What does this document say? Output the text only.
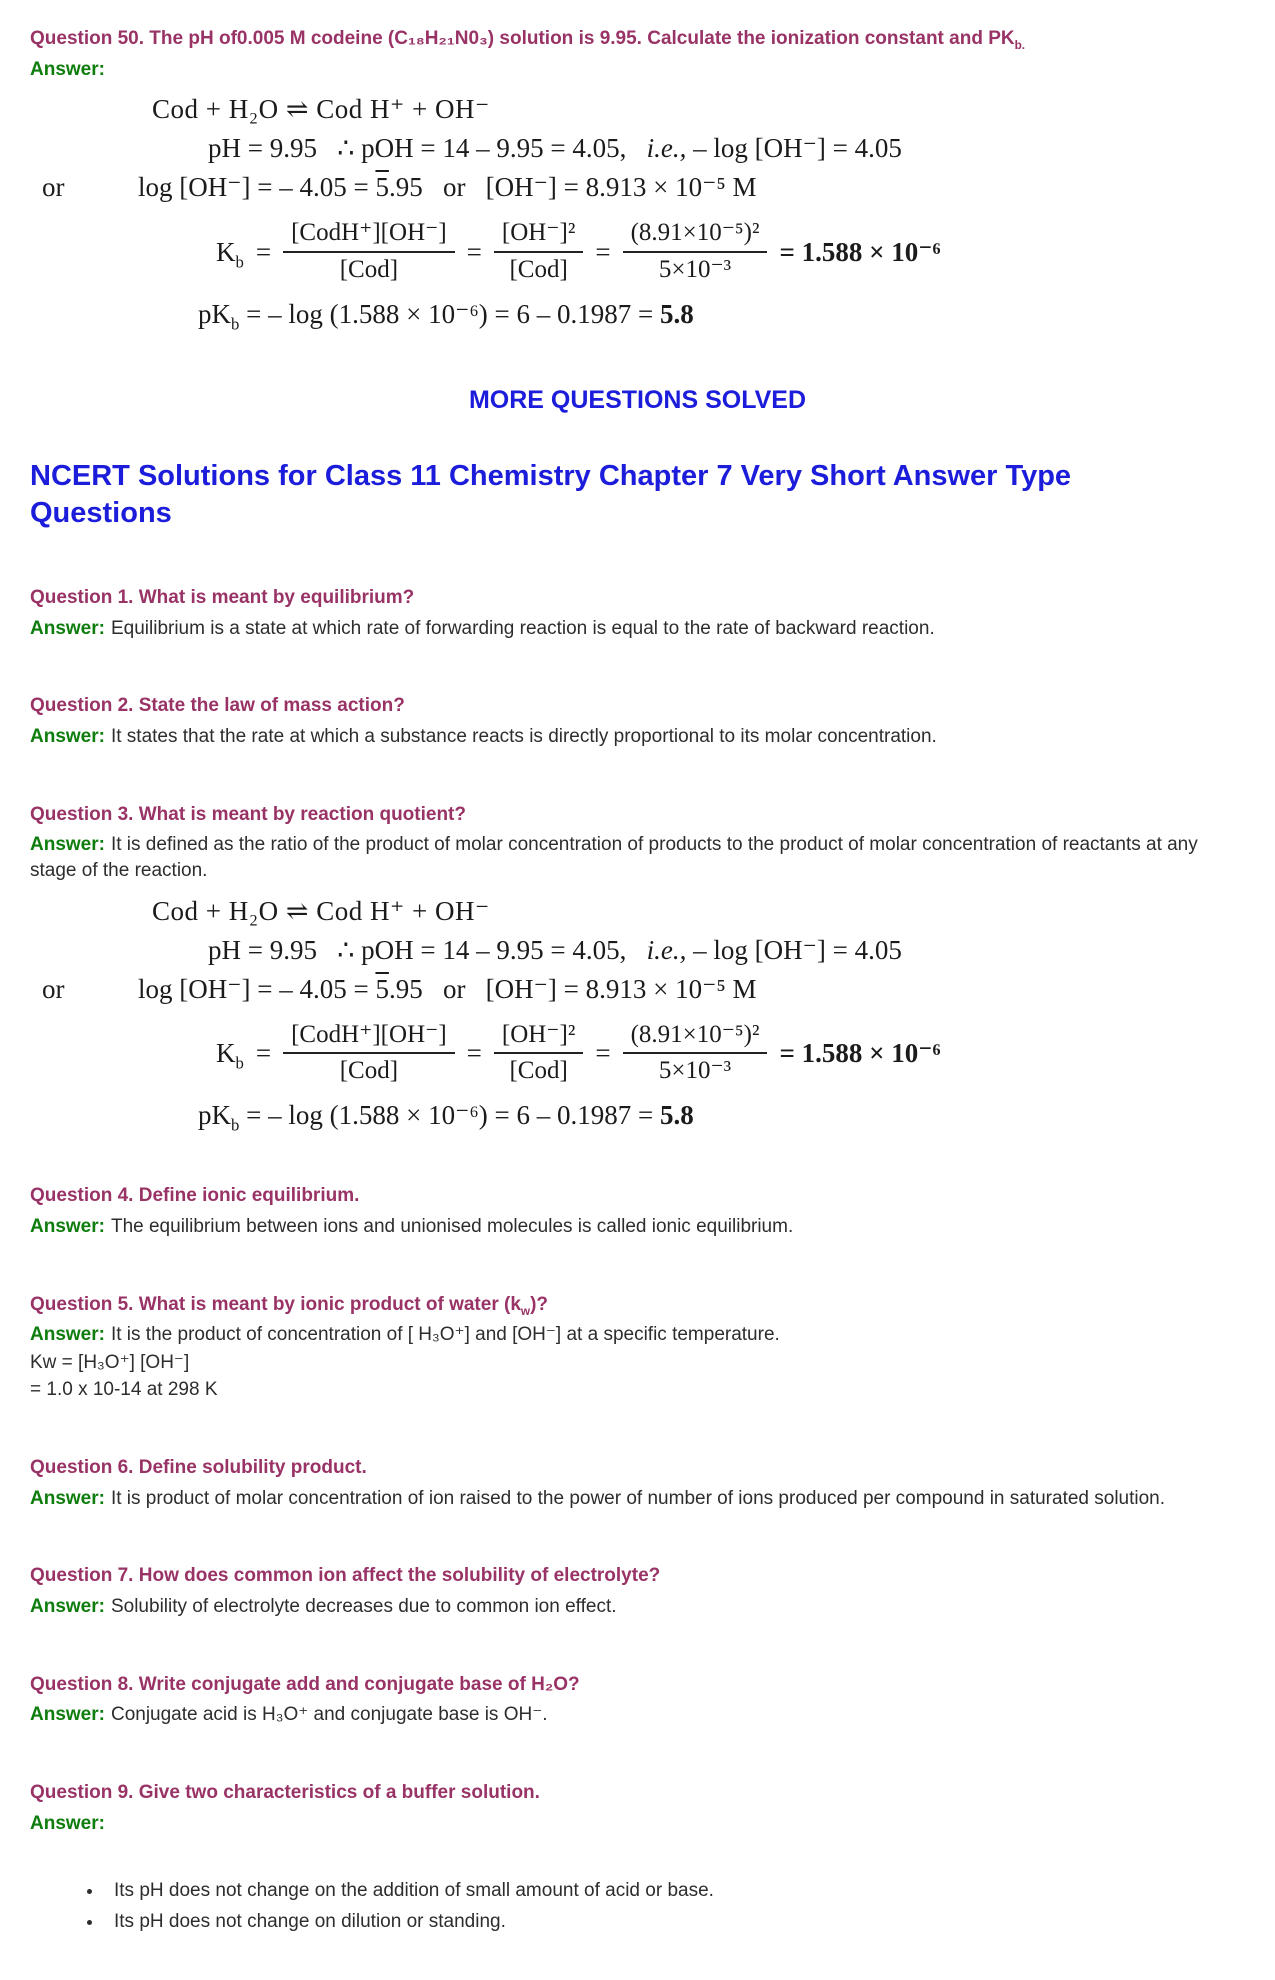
Question 50. The pH of0.005 M codeine (C₁₈H₂₁N0₃) solution is 9.95. Calculate the ionization constant and $PK_{b.}$

Answer:

Cod + H₂O ⇌ Cod H⁺ + OH⁻
pH = 9.95   ∴ pOH = 14 – 9.95 = 4.05,   i.e., – log [OH⁻] = 4.05
or	log [OH⁻] = – 4.05 = 5.95   or   [OH⁻] = 8.913 × 10⁻⁵ M
$K_b = \frac{\text{[CodH⁺][OH⁻]}}{\text{[Cod]}} = \frac{\text{[OH⁻]²}}{\text{[Cod]}} = \frac{\text{(8.91×10⁻⁵)²}}{\text{5×10⁻³}} = 1.588 \times 10^{-6}$
$pK_b$ = – log (1.588 × 10⁻⁶) = 6 – 0.1987 = 5.8
MORE QUESTIONS SOLVED
NCERT Solutions for Class 11 Chemistry Chapter 7 Very Short Answer Type Questions

Question 1. What is meant by equilibrium?

Answer: Equilibrium is a state at which rate of forwarding reaction is equal to the rate of backward reaction.

Question 2. State the law of mass action?

Answer: It states that the rate at which a substance reacts is directly proportional to its molar concentration.

Question 3. What is meant by reaction quotient?

Answer: It is defined as the ratio of the product of molar concentration of products to the product of molar concentration of reactants at any stage of the reaction.

Cod + H₂O ⇌ Cod H⁺ + OH⁻
pH = 9.95   ∴ pOH = 14 – 9.95 = 4.05,   i.e., – log [OH⁻] = 4.05
or	log [OH⁻] = – 4.05 = 5.95   or   [OH⁻] = 8.913 × 10⁻⁵ M
$K_b = \frac{\text{[CodH⁺][OH⁻]}}{\text{[Cod]}} = \frac{\text{[OH⁻]²}}{\text{[Cod]}} = \frac{\text{(8.91×10⁻⁵)²}}{\text{5×10⁻³}} = 1.588 \times 10^{-6}$
$pK_b$ = – log (1.588 × 10⁻⁶) = 6 – 0.1987 = 5.8

Question 4. Define ionic equilibrium.

Answer: The equilibrium between ions and unionised molecules is called ionic equilibrium.

Question 5. What is meant by ionic product of water $(k_w)$?

Answer: It is the product of concentration of [ H₃O⁺] and [OH⁻] at a specific temperature.

Kw = [H₃O⁺] [OH⁻]

= 1.0 x 10-14 at 298 K

Question 6. Define solubility product.

Answer: It is product of molar concentration of ion raised to the power of number of ions produced per compound in saturated solution.

Question 7. How does common ion affect the solubility of electrolyte?

Answer: Solubility of electrolyte decreases due to common ion effect.

Question 8. Write conjugate add and conjugate base of H₂O?

Answer: Conjugate acid is H₃O⁺ and conjugate base is OH⁻.

Question 9. Give two characteristics of a buffer solution.

Answer:

• Its pH does not change on the addition of small amount of acid or base.
• Its pH does not change on dilution or standing.
